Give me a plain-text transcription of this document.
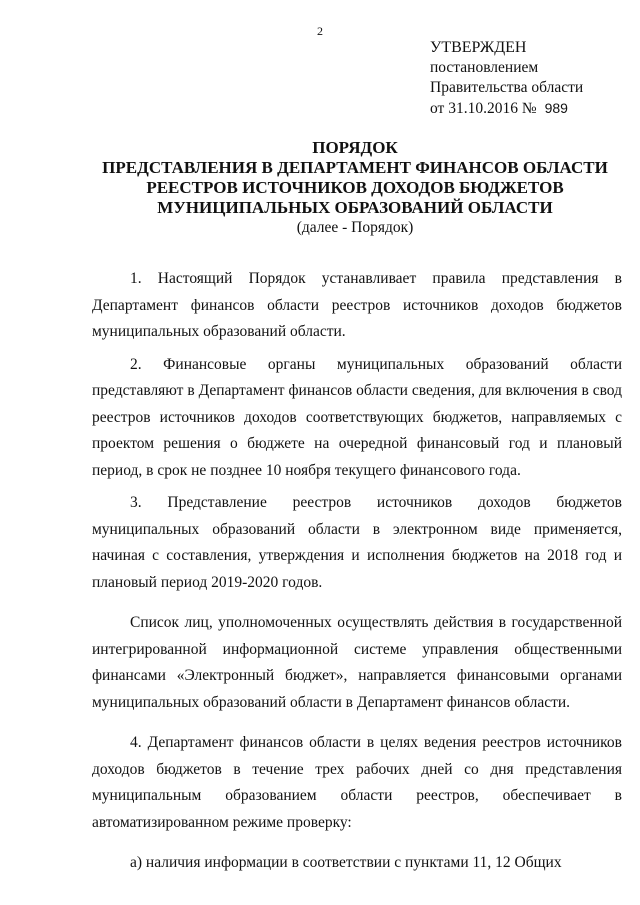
2
УТВЕРЖДЕН
постановлением
Правительства области
от 31.10.2016 № 989
ПОРЯДОК
ПРЕДСТАВЛЕНИЯ В ДЕПАРТАМЕНТ ФИНАНСОВ ОБЛАСТИ
РЕЕСТРОВ ИСТОЧНИКОВ ДОХОДОВ БЮДЖЕТОВ
МУНИЦИПАЛЬНЫХ ОБРАЗОВАНИЙ ОБЛАСТИ
(далее - Порядок)

1. Настоящий Порядок устанавливает правила представления в Департамент финансов области реестров источников доходов бюджетов муниципальных образований области.

2. Финансовые органы муниципальных образований области представляют в Департамент финансов области сведения, для включения в свод реестров источников доходов соответствующих бюджетов, направляемых с проектом решения о бюджете на очередной финансовый год и плановый период, в срок не позднее 10 ноября текущего финансового года.

3. Представление реестров источников доходов бюджетов муниципальных образований области в электронном виде применяется, начиная с составления, утверждения и исполнения бюджетов на 2018 год и плановый период 2019-2020 годов.

Список лиц, уполномоченных осуществлять действия в государственной интегрированной информационной системе управления общественными финансами «Электронный бюджет», направляется финансовыми органами муниципальных образований области в Департамент финансов области.

4. Департамент финансов области в целях ведения реестров источников доходов бюджетов в течение трех рабочих дней со дня представления муниципальным образованием области реестров, обеспечивает в автоматизированном режиме проверку:

а) наличия информации в соответствии с пунктами 11, 12 Общих
